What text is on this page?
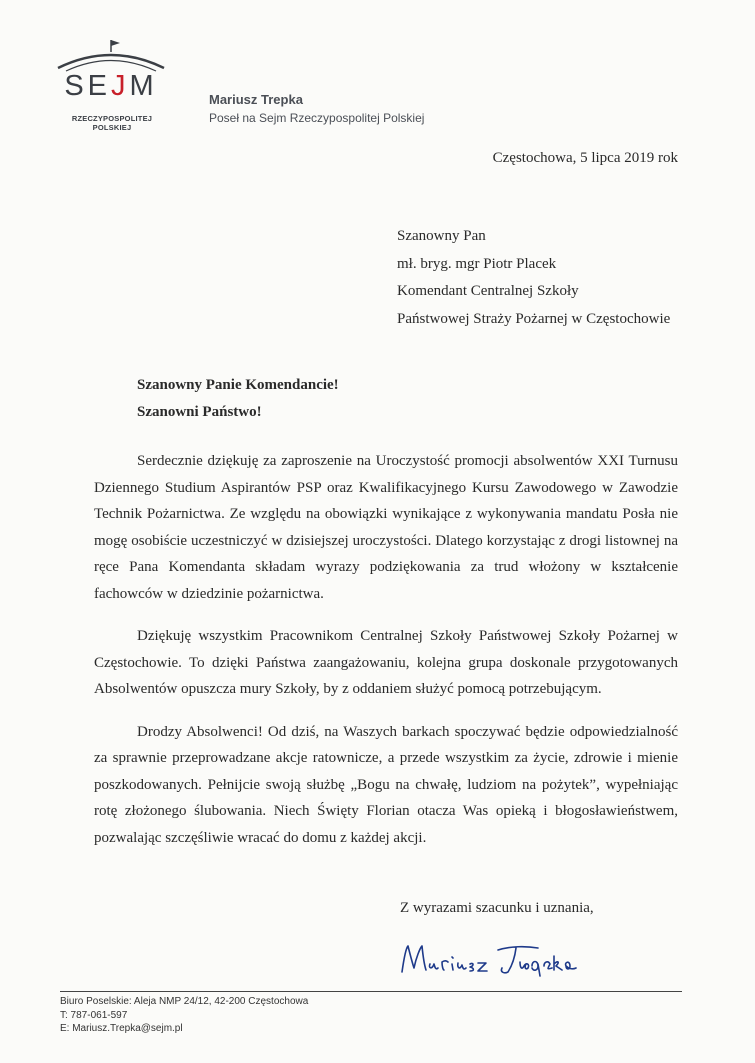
SEJM
RZECZYPOSPOLITEJ POLSKIEJ
Mariusz Trepka
Poseł na Sejm Rzeczypospolitej Polskiej
Częstochowa, 5 lipca 2019 rok
Szanowny Pan
mł. bryg. mgr Piotr Placek
Komendant Centralnej Szkoły
Państwowej Straży Pożarnej w Częstochowie
Szanowny Panie Komendancie!
Szanowni Państwo!

Serdecznie dziękuję za zaproszenie na Uroczystość promocji absolwentów XXI Turnusu Dziennego Studium Aspirantów PSP oraz Kwalifikacyjnego Kursu Zawodowego w Zawodzie Technik Pożarnictwa. Ze względu na obowiązki wynikające z wykonywania mandatu Posła nie mogę osobiście uczestniczyć w dzisiejszej uroczystości. Dlatego korzystając z drogi listownej na ręce Pana Komendanta składam wyrazy podziękowania za trud włożony w kształcenie fachowców w dziedzinie pożarnictwa.

Dziękuję wszystkim Pracownikom Centralnej Szkoły Państwowej Szkoły Pożarnej w Częstochowie. To dzięki Państwa zaangażowaniu, kolejna grupa doskonale przygotowanych Absolwentów opuszcza mury Szkoły, by z oddaniem służyć pomocą potrzebującym.

Drodzy Absolwenci! Od dziś, na Waszych barkach spoczywać będzie odpowiedzialność za sprawnie przeprowadzane akcje ratownicze, a przede wszystkim za życie, zdrowie i mienie poszkodowanych. Pełnijcie swoją służbę „Bogu na chwałę, ludziom na pożytek”, wypełniając rotę złożonego ślubowania. Niech Święty Florian otacza Was opieką i błogosławieństwem, pozwalając szczęśliwie wracać do domu z każdej akcji.

Z wyrazami szacunku i uznania,
Biuro Poselskie: Aleja NMP 24/12, 42-200 Częstochowa
T: 787-061-597
E: Mariusz.Trepka@sejm.pl
